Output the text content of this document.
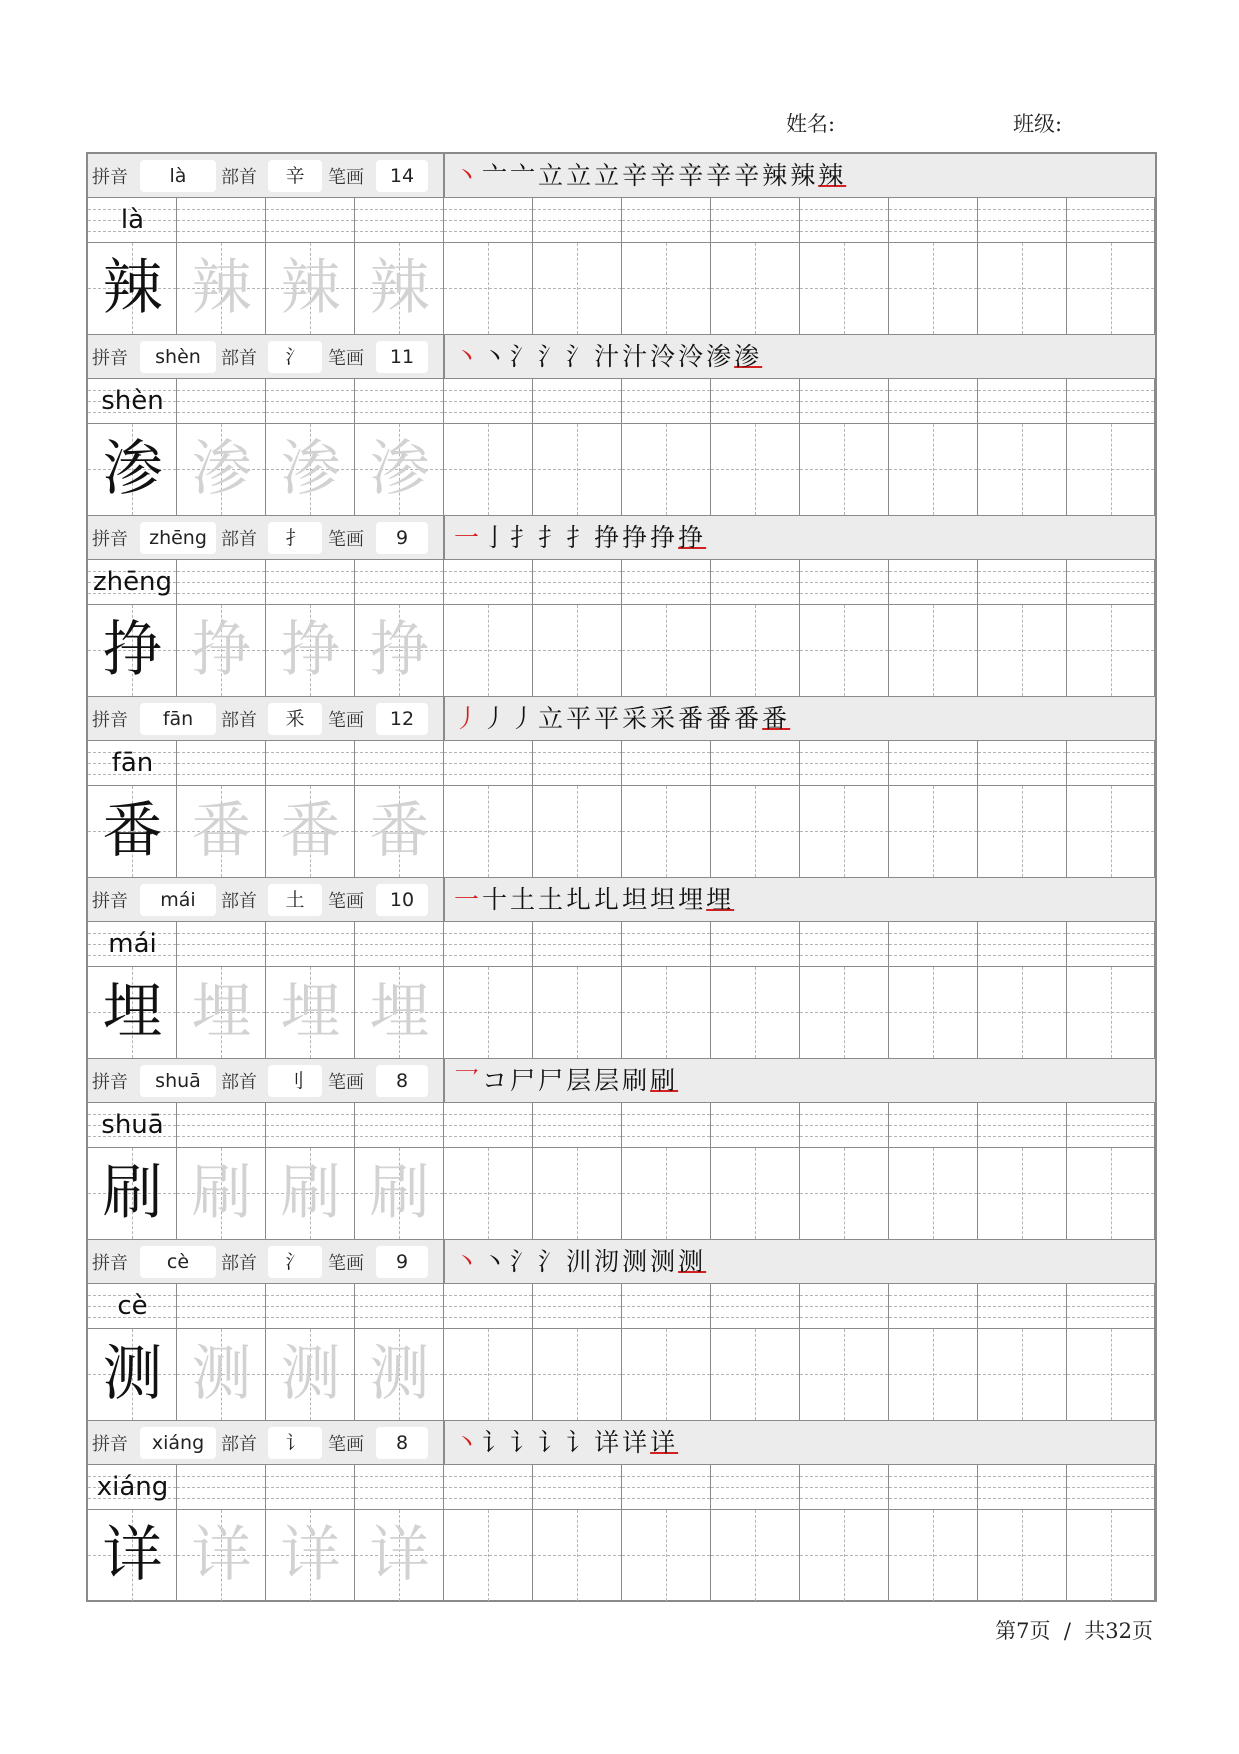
姓名:	班级:
拼音	là	部首	辛	笔画	14	丶亠亠立立立辛辛辛辛辛辣辣辣
là
辣 辣 辣 辣
拼音	shèn	部首	氵	笔画	11	丶丶氵氵氵汁汁泠泠渗渗
shèn
渗 渗 渗 渗
拼音	zhēng 部首	扌	笔画	9	一亅扌扌扌挣挣挣挣
zhēng
挣 挣 挣 挣
拼音	fān	部首	釆	笔画	12	丿丿丿立平平采采番番番番
fān
番 番 番 番
拼音	mái	部首	土	笔画	10	一十土土圠圠坦坦埋埋
mái
埋 埋 埋 埋
拼音	shuā	部首	刂	笔画	8	乛コ尸尸层层刷刷
shuā
刷 刷 刷 刷
拼音	cè	部首	氵	笔画	9	丶丶氵氵汌沏测测测
cè
测 测 测 测
拼音	xiáng 部首	讠	笔画	8	丶讠讠讠讠详详详
xiáng
详 详 详 详
第7页 / 共32页
